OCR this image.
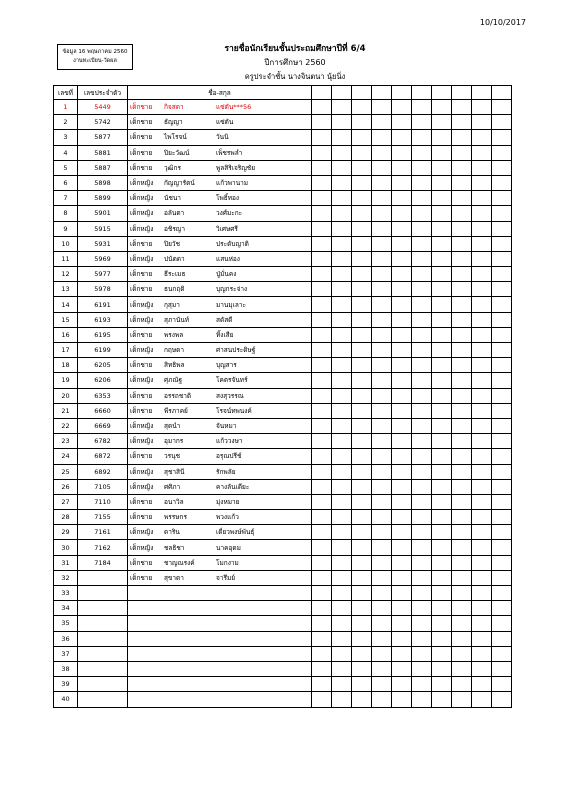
10/10/2017
ข้อมูล 16 พฤษภาคม 2560
งานทะเบียน-วัดผล
รายชื่อนักเรียนชั้นประถมศึกษาปีที่ 6/4
ปีการศึกษา 2560
ครูประจำชั้น นางจินตนา นุ้ยนิ่ง
เลขที่	เลขประจำตัว	ชื่อ-สกุล										
1	5449	เด็กชาย กิจสดา แซ่ตัน***56										
2	5742	เด็กชาย ธัญญา แซ่ตัน										
3	5877	เด็กชาย ไพโรจน์ วันนิ										
4	5881	เด็กชาย ปิยะวัฒน์ เพ็ชรพลำ										
5	5887	เด็กชาย วุฒิกร พูลสิริเจริญชัย										
6	5898	เด็กหญิง กัญญารัตน์ แก้วพานาม										
7	5899	เด็กหญิง นัชนา โพธิ์ทอง										
8	5901	เด็กหญิง อลันตา วงศ์มะกะ										
9	5915	เด็กหญิง อชิรญา วิเศษศรี										
10	5931	เด็กชาย ปิยวัช ประดับญาติ										
11	5969	เด็กหญิง ปนัดดา แสนห่อง										
12	5977	เด็กชาย ธีระเมธ ปู่มั่นคง										
13	5978	เด็กชาย ธนกฤติ บุญกระจ่าง										
14	6191	เด็กหญิง กุสุมา มานมุเลาะ										
15	6193	เด็กหญิง สุภานันท์ สดัสดี										
16	6195	เด็กชาย พรงพล ทิ้งเสีย										
17	6199	เด็กหญิง กฤษดา ศาสนประดิษฐ์										
18	6205	เด็กชาย สิทธิพล บุญสาร										
19	6206	เด็กหญิง ศุภณัฐ โคตรจันทร์										
20	6353	เด็กชาย อรรถชาติ สงสุวรรณ										
21	6660	เด็กชาย พีรภาคย์ โรจน์ทพนงค์										
22	6669	เด็กหญิง สุดนำ จันหมา										
23	6782	เด็กหญิง อุมากร แก้ววงษา										
24	6872	เด็กชาย วรนุช อรุณปรีช์										
25	6892	เด็กหญิง สุชาสินี รักพลัย										
26	7105	เด็กหญิง ศศิภา คางลันเดียะ										
27	7110	เด็กชาย อนาวิล มุ่งหมาย										
28	7155	เด็กชาย พรรษกร พวงแก้ว										
29	7161	เด็กหญิง ดาริน เดี่ยวพงษ์พันธุ์										
30	7162	เด็กหญิง ชลธิชา นาคอุดม										
31	7184	เด็กชาย ชาญณรงค์ โมกงาม										
32		เด็กชาย สุขาดา จารึมย์										
33												
34												
35												
36												
37												
38												
39												
40												
